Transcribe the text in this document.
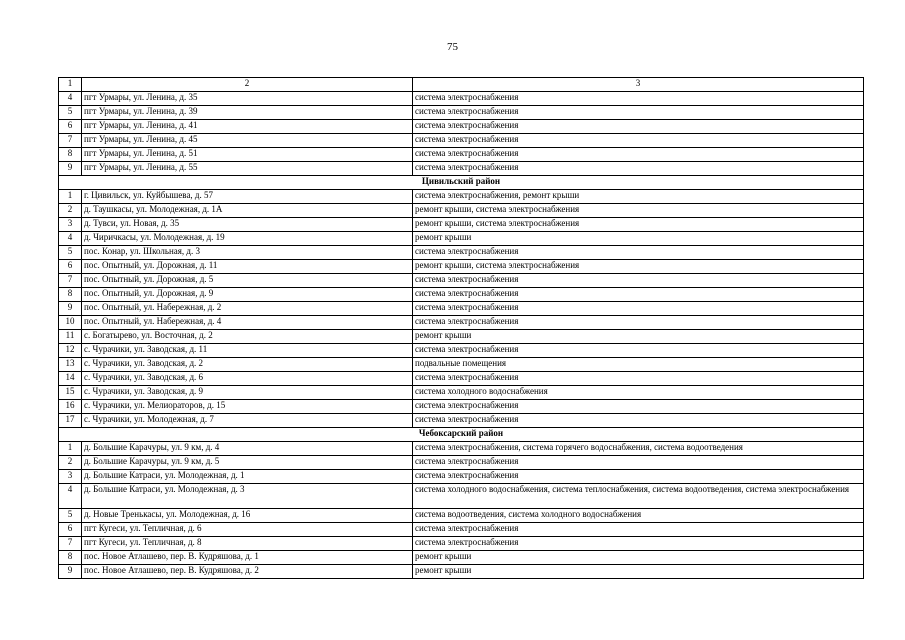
75
1	2	3
4	пгт Урмары, ул. Ленина, д. 35	система электроснабжения
5	пгт Урмары, ул. Ленина, д. 39	система электроснабжения
6	пгт Урмары, ул. Ленина, д. 41	система электроснабжения
7	пгт Урмары, ул. Ленина, д. 45	система электроснабжения
8	пгт Урмары, ул. Ленина, д. 51	система электроснабжения
9	пгт Урмары, ул. Ленина, д. 55	система электроснабжения
Цивильский район		
1	г. Цивильск, ул. Куйбышева, д. 57	система электроснабжения, ремонт крыши
2	д. Таушкасы, ул. Молодежная, д. 1А	ремонт крыши, система электроснабжения
3	д. Тувси, ул. Новая, д. 35	ремонт крыши, система электроснабжения
4	д. Чиричкасы, ул. Молодежная, д. 19	ремонт крыши
5	пос. Конар, ул. Школьная, д. 3	система электроснабжения
6	пос. Опытный, ул. Дорожная, д. 11	ремонт крыши, система электроснабжения
7	пос. Опытный, ул. Дорожная, д. 5	система электроснабжения
8	пос. Опытный, ул. Дорожная, д. 9	система электроснабжения
9	пос. Опытный, ул. Набережная, д. 2	система электроснабжения
10	пос. Опытный, ул. Набережная, д. 4	система электроснабжения
11	с. Богатырево, ул. Восточная, д. 2	ремонт крыши
12	с. Чурачики, ул. Заводская, д. 11	система электроснабжения
13	с. Чурачики, ул. Заводская, д. 2	подвальные помещения
14	с. Чурачики, ул. Заводская, д. 6	система электроснабжения
15	с. Чурачики, ул. Заводская, д. 9	система холодного водоснабжения
16	с. Чурачики, ул. Мелиораторов, д. 15	система электроснабжения
17	с. Чурачики, ул. Молодежная, д. 7	система электроснабжения
Чебоксарский район		
1	д. Большие Карачуры, ул. 9 км, д. 4	система электроснабжения, система горячего водоснабжения, система водоотведения
2	д. Большие Карачуры, ул. 9 км, д. 5	система электроснабжения
3	д. Большие Катраси, ул. Молодежная, д. 1	система электроснабжения
4	д. Большие Катраси, ул. Молодежная, д. 3	система холодного водоснабжения, система теплоснабжения, система водоотведения, система электроснабжения
5	д. Новые Тренькасы, ул. Молодежная, д. 16	система водоотведения, система холодного водоснабжения
6	пгт Кугеси, ул. Тепличная, д. 6	система электроснабжения
7	пгт Кугеси, ул. Тепличная, д. 8	система электроснабжения
8	пос. Новое Атлашево, пер. В. Кудряшова, д. 1	ремонт крыши
9	пос. Новое Атлашево, пер. В. Кудряшова, д. 2	ремонт крыши
